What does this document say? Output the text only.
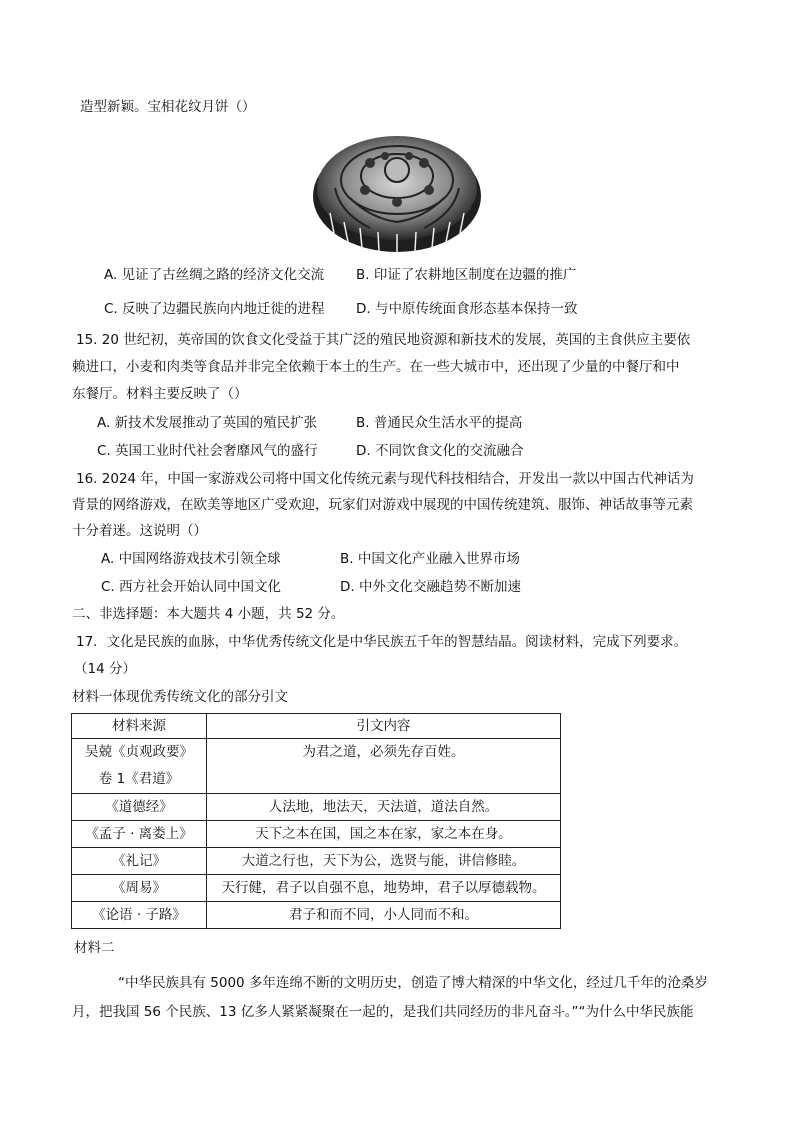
造型新颖。宝相花纹月饼（）
A. 见证了古丝绸之路的经济文化交流 B. 印证了农耕地区制度在边疆的推广
C. 反映了边疆民族向内地迁徙的进程 D. 与中原传统面食形态基本保持一致
15. 20 世纪初，英帝国的饮食文化受益于其广泛的殖民地资源和新技术的发展，英国的主食供应主要依
赖进口，小麦和肉类等食品并非完全依赖于本土的生产。在一些大城市中，还出现了少量的中餐厅和中
东餐厅。材料主要反映了（）
A. 新技术发展推动了英国的殖民扩张	B. 普通民众生活水平的提高
C. 英国工业时代社会奢靡风气的盛行	D. 不同饮食文化的交流融合
16. 2024 年，中国一家游戏公司将中国文化传统元素与现代科技相结合，开发出一款以中国古代神话为
背景的网络游戏，在欧美等地区广受欢迎，玩家们对游戏中展现的中国传统建筑、服饰、神话故事等元素
十分着迷。这说明（）
A. 中国网络游戏技术引领全球	B. 中国文化产业融入世界市场
C. 西方社会开始认同中国文化	D. 中外文化交融趋势不断加速
二、非选择题：本大题共 4 小题，共 52 分。
17．文化是民族的血脉，中华优秀传统文化是中华民族五千年的智慧结晶。阅读材料，完成下列要求。
（14 分）
材料一体现优秀传统文化的部分引文
材料来源	引文内容

吴兢《贞观政要》
卷 1《君道》	为君之道，必须先存百姓。
《道德经》	人法地，地法天，天法道，道法自然。
《孟子 · 离娄上》	天下之本在国，国之本在家，家之本在身。
《礼记》	大道之行也，天下为公，选贤与能，讲信修睦。
《周易》	天行健，君子以自强不息，地势坤，君子以厚德载物。
《论语 · 子路》	君子和而不同，小人同而不和。
材料二
“中华民族具有 5000 多年连绵不断的文明历史，创造了博大精深的中华文化，经过几千年的沧桑岁
月，把我国 56 个民族、13 亿多人紧紧凝聚在一起的，是我们共同经历的非凡奋斗。”“为什么中华民族能
